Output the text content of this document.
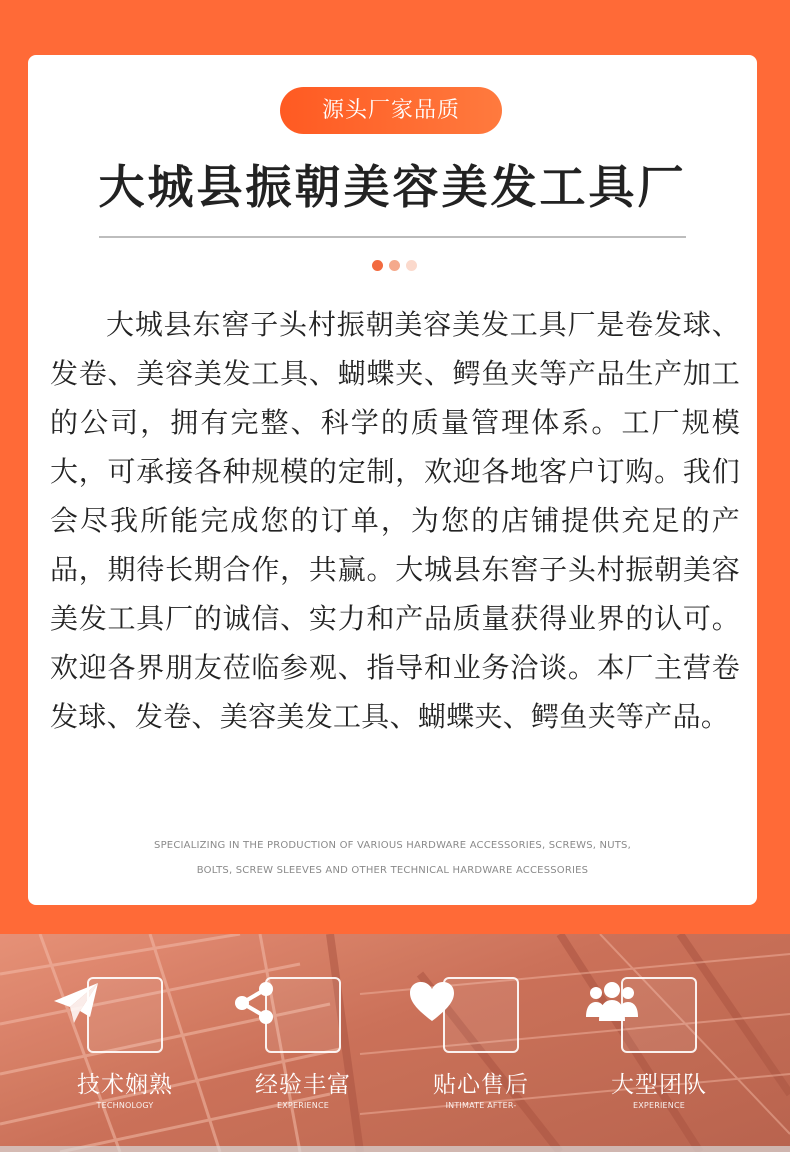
源头厂家品质
大城县振朝美容美发工具厂
大城县东窖子头村振朝美容美发工具厂是卷发球、发卷、美容美发工具、蝴蝶夹、鳄鱼夹等产品生产加工的公司，拥有完整、科学的质量管理体系。工厂规模大，可承接各种规模的定制，欢迎各地客户订购。我们会尽我所能完成您的订单，为您的店铺提供充足的产品，期待长期合作，共赢。大城县东窖子头村振朝美容美发工具厂的诚信、实力和产品质量获得业界的认可。欢迎各界朋友莅临参观、指导和业务洽谈。本厂主营卷发球、发卷、美容美发工具、蝴蝶夹、鳄鱼夹等产品。
SPECIALIZING IN THE PRODUCTION OF VARIOUS HARDWARE ACCESSORIES, SCREWS, NUTS,
BOLTS, SCREW SLEEVES AND OTHER TECHNICAL HARDWARE ACCESSORIES
技术娴熟
TECHNOLOGY
经验丰富
EXPERIENCE
贴心售后
INTIMATE AFTER-
大型团队
EXPERIENCE
